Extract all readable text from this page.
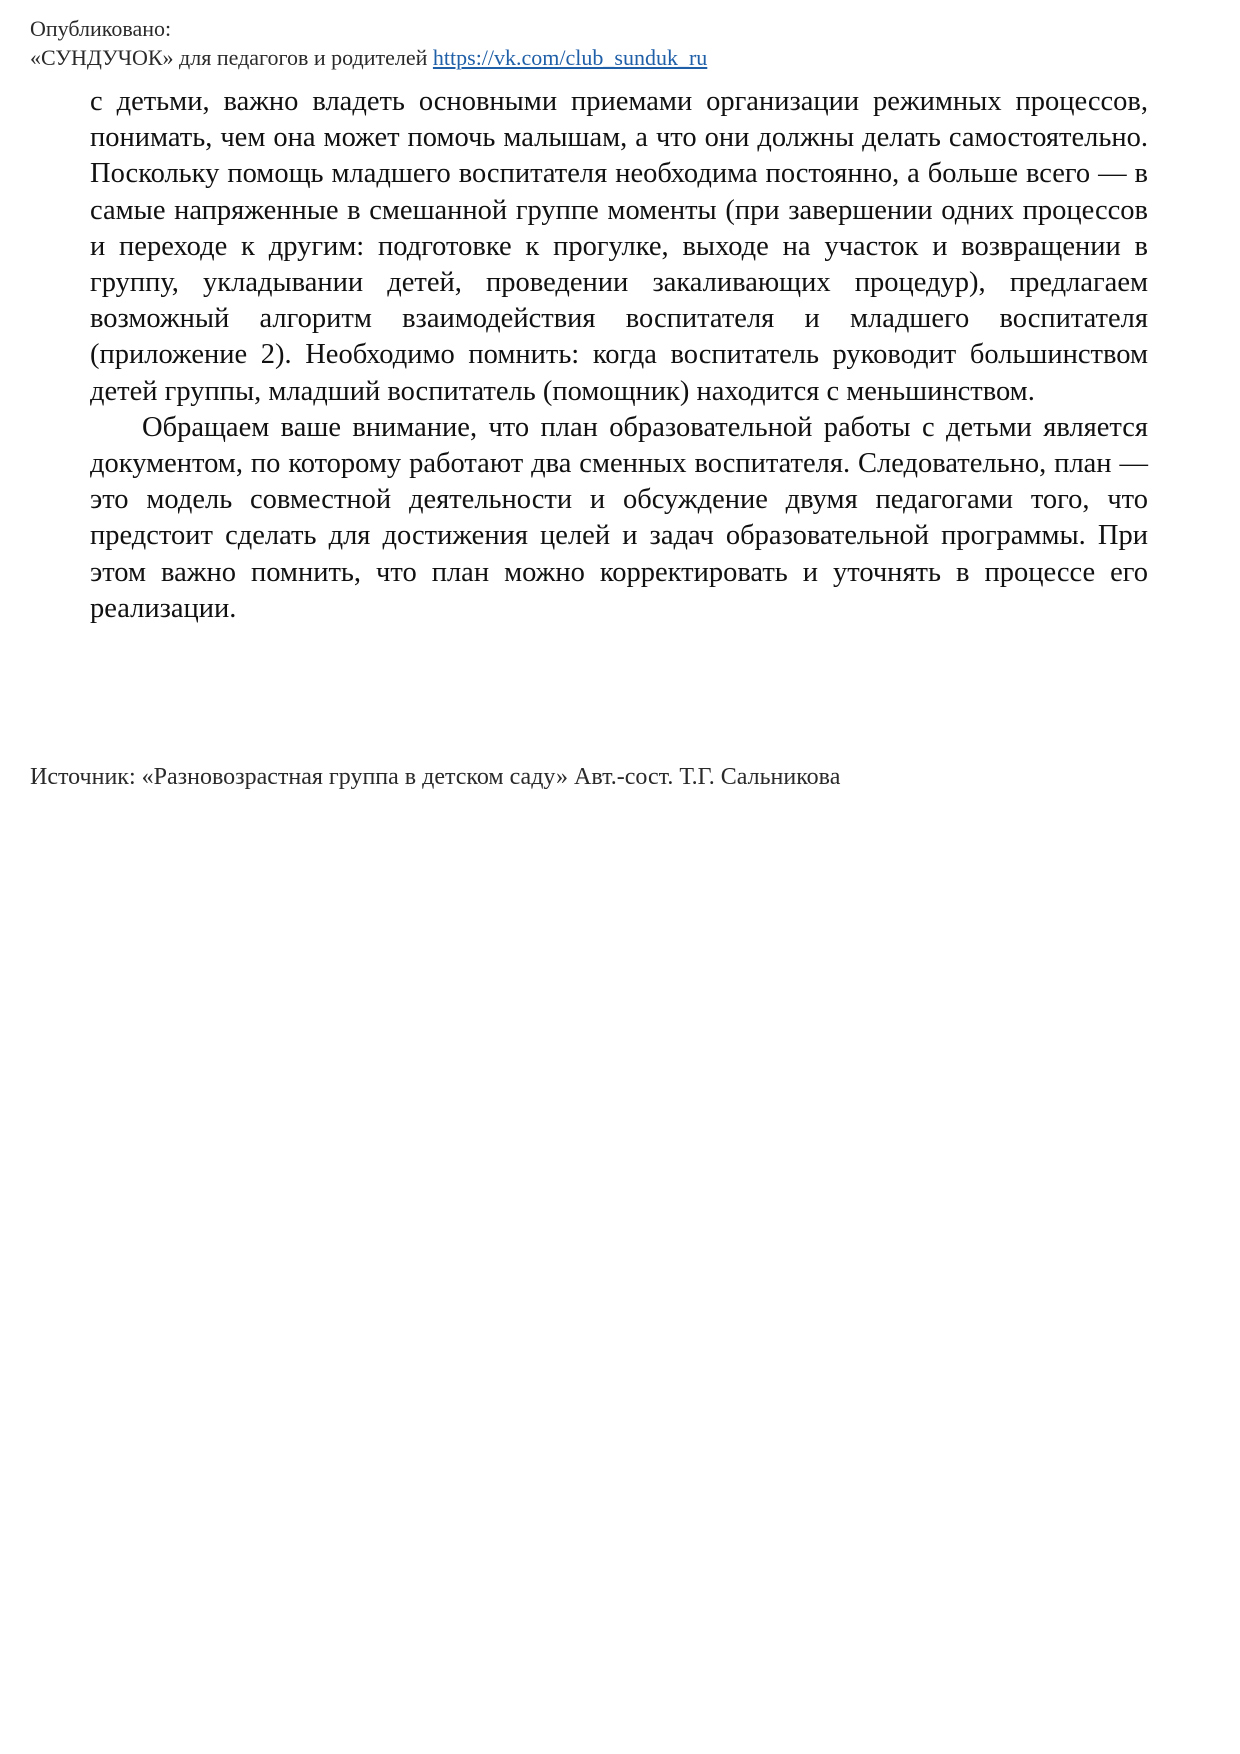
Опубликовано:
«СУНДУЧОК» для педагогов и родителей https://vk.com/club_sunduk_ru

с детьми, важно владеть основными приемами организации режимных процессов, понимать, чем она может помочь малышам, а что они должны делать самостоятельно. Поскольку помощь младшего воспитателя необходима постоянно, а больше всего — в самые напряженные в смешанной группе моменты (при завершении одних процессов и переходе к другим: подготовке к прогулке, выходе на участок и возвращении в группу, укладывании детей, проведении закаливающих процедур), предлагаем возможный алгоритм взаимодействия воспитателя и младшего воспитателя (приложение 2). Необходимо помнить: когда воспитатель руководит большинством детей группы, младший воспитатель (помощник) находится с меньшинством.

Обращаем ваше внимание, что план образовательной работы с детьми является документом, по которому работают два сменных воспитателя. Следовательно, план — это модель совместной деятельности и обсуждение двумя педагогами того, что предстоит сделать для достижения целей и задач образовательной программы. При этом важно помнить, что план можно корректировать и уточнять в процессе его реализации.

Источник: «Разновозрастная группа в детском саду» Авт.-сост. Т.Г. Сальникова
